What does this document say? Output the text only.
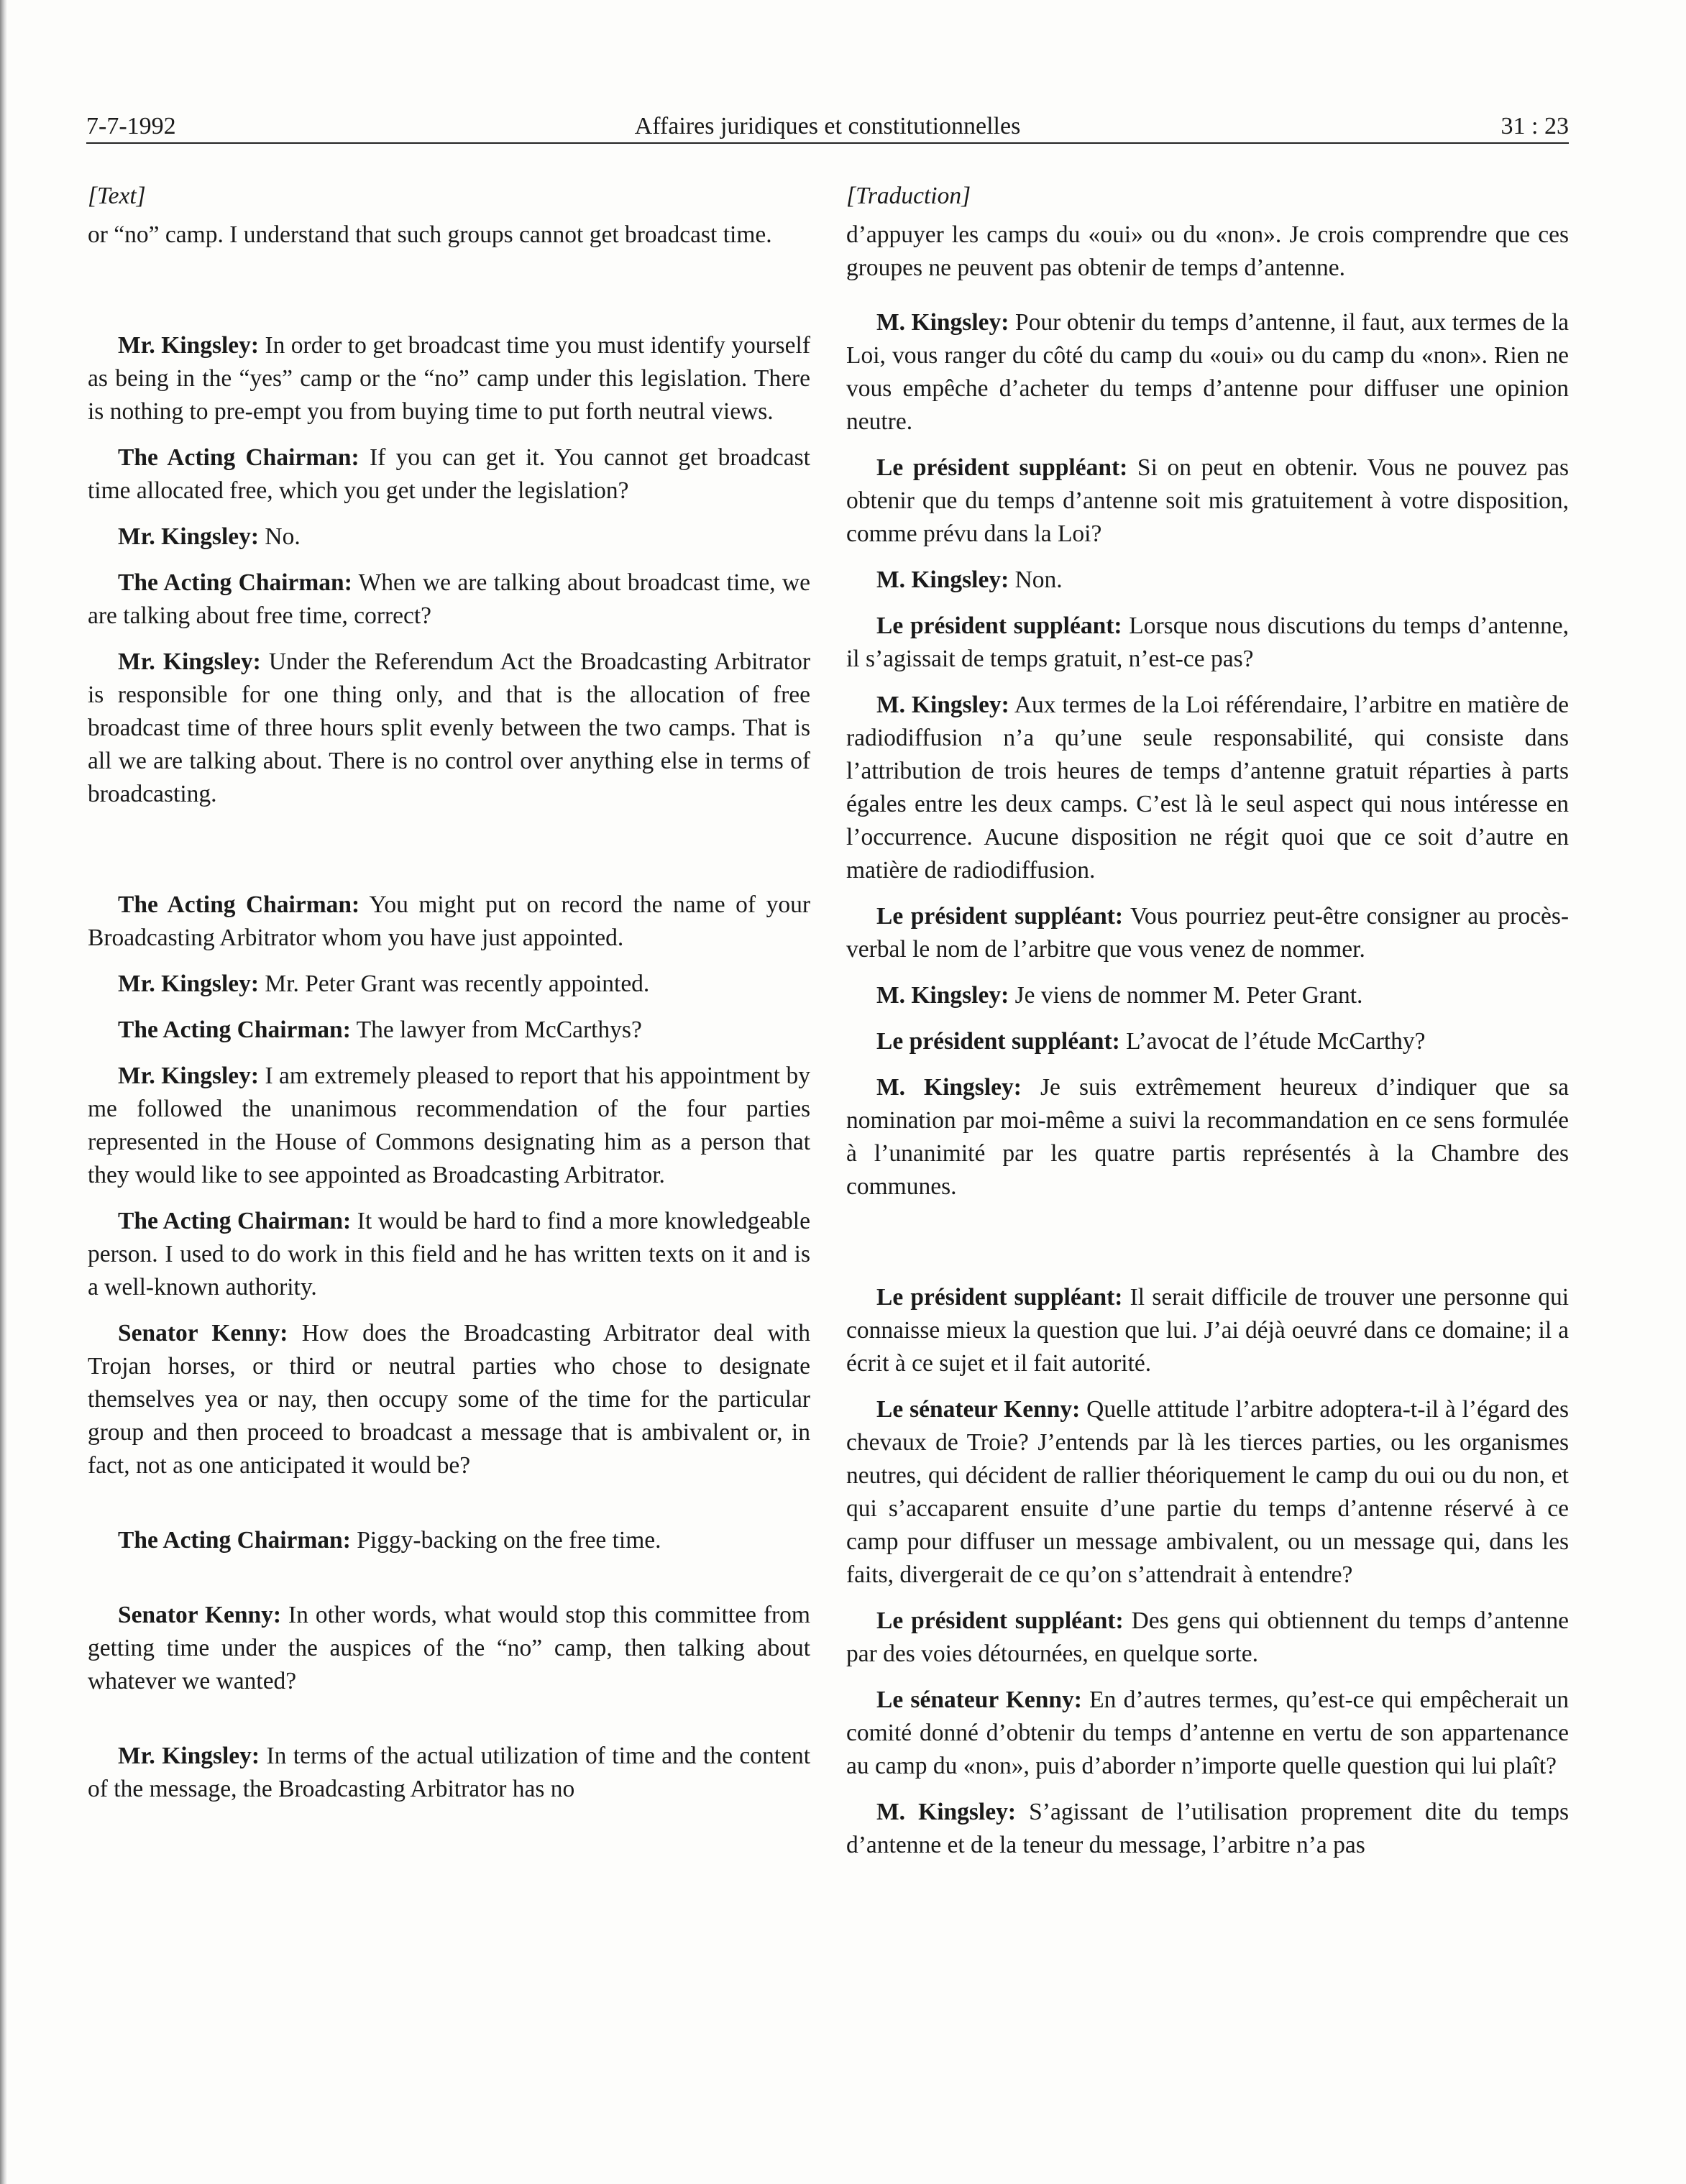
7-7-1992	Affaires juridiques et constitutionnelles	31 : 23
[Text]

or “no” camp. I understand that such groups cannot get broadcast time.

Mr. Kingsley: In order to get broadcast time you must identify yourself as being in the “yes” camp or the “no” camp under this legislation. There is nothing to pre-empt you from buying time to put forth neutral views.

The Acting Chairman: If you can get it. You cannot get broadcast time allocated free, which you get under the legislation?

Mr. Kingsley: No.

The Acting Chairman: When we are talking about broadcast time, we are talking about free time, correct?

Mr. Kingsley: Under the Referendum Act the Broadcasting Arbitrator is responsible for one thing only, and that is the allocation of free broadcast time of three hours split evenly between the two camps. That is all we are talking about. There is no control over anything else in terms of broadcasting.

The Acting Chairman: You might put on record the name of your Broadcasting Arbitrator whom you have just appointed.

Mr. Kingsley: Mr. Peter Grant was recently appointed.

The Acting Chairman: The lawyer from McCarthys?

Mr. Kingsley: I am extremely pleased to report that his appointment by me followed the unanimous recommendation of the four parties represented in the House of Commons designating him as a person that they would like to see appointed as Broadcasting Arbitrator.

The Acting Chairman: It would be hard to find a more knowledgeable person. I used to do work in this field and he has written texts on it and is a well-known authority.

Senator Kenny: How does the Broadcasting Arbitrator deal with Trojan horses, or third or neutral parties who chose to designate themselves yea or nay, then occupy some of the time for the particular group and then proceed to broadcast a message that is ambivalent or, in fact, not as one anticipated it would be?

The Acting Chairman: Piggy-backing on the free time.

Senator Kenny: In other words, what would stop this committee from getting time under the auspices of the “no” camp, then talking about whatever we wanted?

Mr. Kingsley: In terms of the actual utilization of time and the content of the message, the Broadcasting Arbitrator has no

[Traduction]

d’appuyer les camps du «oui» ou du «non». Je crois comprendre que ces groupes ne peuvent pas obtenir de temps d’antenne.

M. Kingsley: Pour obtenir du temps d’antenne, il faut, aux termes de la Loi, vous ranger du côté du camp du «oui» ou du camp du «non». Rien ne vous empêche d’acheter du temps d’antenne pour diffuser une opinion neutre.

Le président suppléant: Si on peut en obtenir. Vous ne pouvez pas obtenir que du temps d’antenne soit mis gratuitement à votre disposition, comme prévu dans la Loi?

M. Kingsley: Non.

Le président suppléant: Lorsque nous discutions du temps d’antenne, il s’agissait de temps gratuit, n’est-ce pas?

M. Kingsley: Aux termes de la Loi référendaire, l’arbitre en matière de radiodiffusion n’a qu’une seule responsabilité, qui consiste dans l’attribution de trois heures de temps d’antenne gratuit réparties à parts égales entre les deux camps. C’est là le seul aspect qui nous intéresse en l’occurrence. Aucune disposition ne régit quoi que ce soit d’autre en matière de radiodiffusion.

Le président suppléant: Vous pourriez peut-être consigner au procès-verbal le nom de l’arbitre que vous venez de nommer.

M. Kingsley: Je viens de nommer M. Peter Grant.

Le président suppléant: L’avocat de l’étude McCarthy?

M. Kingsley: Je suis extrêmement heureux d’indiquer que sa nomination par moi-même a suivi la recommandation en ce sens formulée à l’unanimité par les quatre partis représentés à la Chambre des communes.

Le président suppléant: Il serait difficile de trouver une personne qui connaisse mieux la question que lui. J’ai déjà oeuvré dans ce domaine; il a écrit à ce sujet et il fait autorité.

Le sénateur Kenny: Quelle attitude l’arbitre adoptera-t-il à l’égard des chevaux de Troie? J’entends par là les tierces parties, ou les organismes neutres, qui décident de rallier théoriquement le camp du oui ou du non, et qui s’accaparent ensuite d’une partie du temps d’antenne réservé à ce camp pour diffuser un message ambivalent, ou un message qui, dans les faits, divergerait de ce qu’on s’attendrait à entendre?

Le président suppléant: Des gens qui obtiennent du temps d’antenne par des voies détournées, en quelque sorte.

Le sénateur Kenny: En d’autres termes, qu’est-ce qui empêcherait un comité donné d’obtenir du temps d’antenne en vertu de son appartenance au camp du «non», puis d’aborder n’importe quelle question qui lui plaît?

M. Kingsley: S’agissant de l’utilisation proprement dite du temps d’antenne et de la teneur du message, l’arbitre n’a pas
